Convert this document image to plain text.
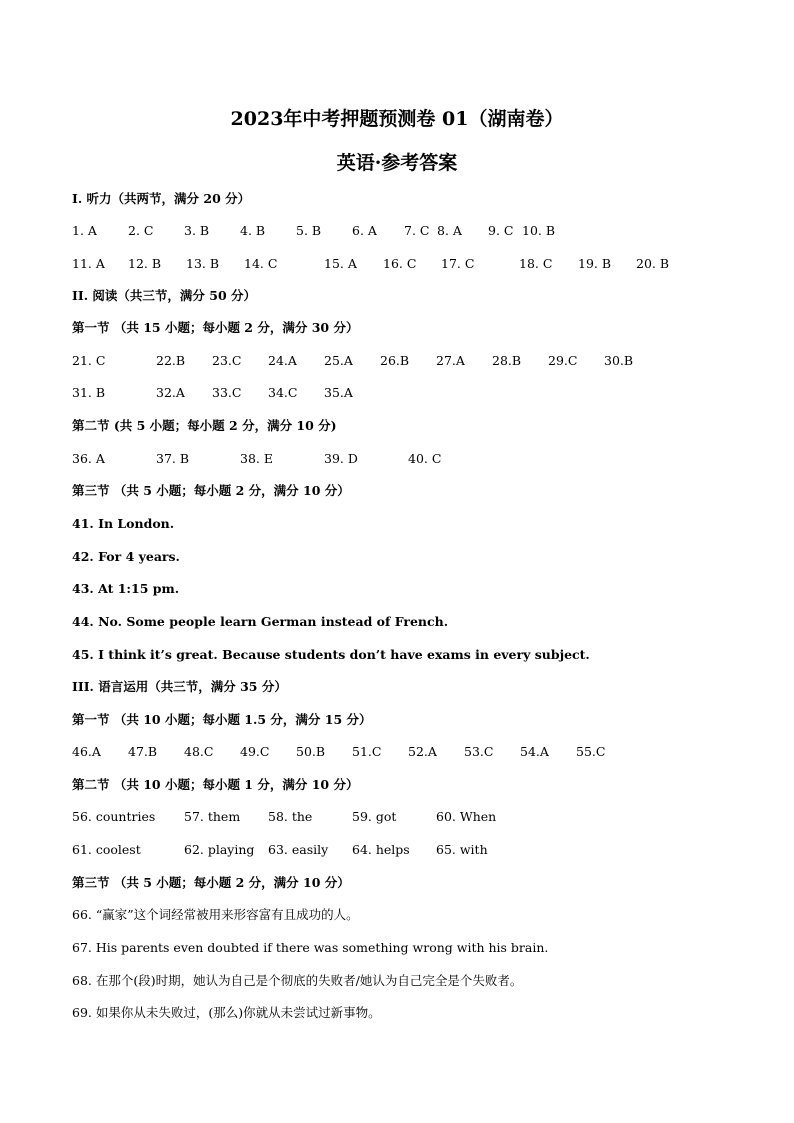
2023年中考押题预测卷 01（湖南卷）
英语·参考答案
I. 听力（共两节，满分 20 分）
1. A 2. C 3. B 4. B 5. B 6. A 7. C 8. A 9. C 10. B
11. A 12. B 13. B 14. C	15. A 16. C 17. C	18. C 19. B 20. B
II. 阅读（共三节，满分 50 分）
第一节 （共 15 小题；每小题 2 分，满分 30 分）
21. C	22.B 23.C 24.A 25.A 26.B 27.A 28.B 29.C 30.B
31. B	32.A 33.C 34.C 35.A
第二节 (共 5 小题；每小题 2 分，满分 10 分)
36. A	37. B	38. E	39. D	40. C
第三节 （共 5 小题；每小题 2 分，满分 10 分）
41. In London.
42. For 4 years.
43. At 1:15 pm.
44. No. Some people learn German instead of French.
45. I think it’s great. Because students don’t have exams in every subject.
III. 语言运用（共三节，满分 35 分）
第一节 （共 10 小题；每小题 1.5 分，满分 15 分）
46.A 47.B 48.C 49.C 50.B 51.C 52.A 53.C 54.A 55.C
第二节 （共 10 小题；每小题 1 分，满分 10 分）
56. countries 57. them 58. the	59. got	60. When
61. coolest	62. playing 63. easily 64. helps 65. with
第三节 （共 5 小题；每小题 2 分，满分 10 分）
66. “赢家”这个词经常被用来形容富有且成功的人。
67. His parents even doubted if there was something wrong with his brain.
68. 在那个(段)时期，她认为自己是个彻底的失败者/她认为自己完全是个失败者。
69. 如果你从未失败过，(那么)你就从未尝试过新事物。
